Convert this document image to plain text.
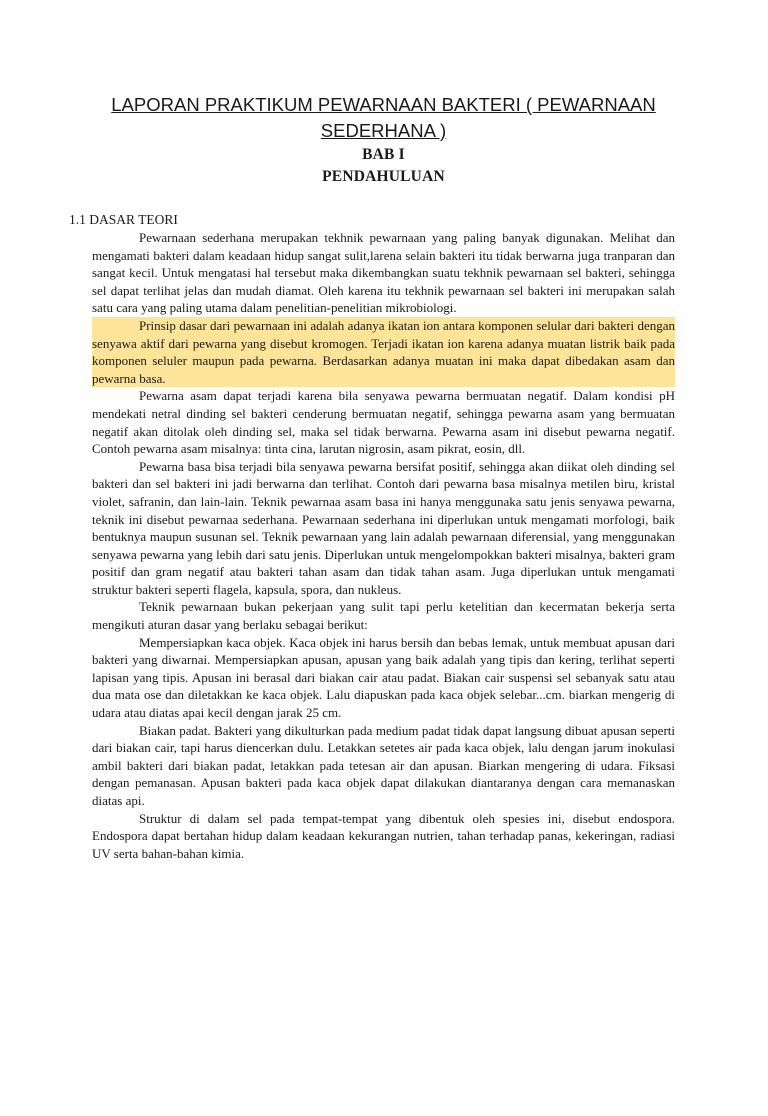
LAPORAN PRAKTIKUM PEWARNAAN BAKTERI ( PEWARNAAN SEDERHANA )
BAB I
PENDAHULUAN
1.1 DASAR TEORI

Pewarnaan sederhana merupakan tekhnik pewarnaan yang paling banyak digunakan. Melihat dan mengamati bakteri dalam keadaan hidup sangat sulit,larena selain bakteri itu tidak berwarna juga tranparan dan sangat kecil. Untuk mengatasi hal tersebut maka dikembangkan suatu tekhnik pewarnaan sel bakteri, sehingga sel dapat terlihat jelas dan mudah diamat. Oleh karena itu tekhnik pewarnaan sel bakteri ini merupakan salah satu cara yang paling utama dalam penelitian-penelitian mikrobiologi.

Prinsip dasar dari pewarnaan ini adalah adanya ikatan ion antara komponen selular dari bakteri dengan senyawa aktif dari pewarna yang disebut kromogen. Terjadi ikatan ion karena adanya muatan listrik baik pada komponen seluler maupun pada pewarna. Berdasarkan adanya muatan ini maka dapat dibedakan asam dan pewarna basa.

Pewarna asam dapat terjadi karena bila senyawa pewarna bermuatan negatif. Dalam kondisi pH mendekati netral dinding sel bakteri cenderung bermuatan negatif, sehingga pewarna asam yang bermuatan negatif akan ditolak oleh dinding sel, maka sel tidak berwarna. Pewarna asam ini disebut pewarna negatif. Contoh pewarna asam misalnya: tinta cina, larutan nigrosin, asam pikrat, eosin, dll.

Pewarna basa bisa terjadi bila senyawa pewarna bersifat positif, sehingga akan diikat oleh dinding sel bakteri dan sel bakteri ini jadi berwarna dan terlihat. Contoh dari pewarna basa misalnya metilen biru, kristal violet, safranin, dan lain-lain. Teknik pewarnaa asam basa ini hanya menggunaka satu jenis senyawa pewarna, teknik ini disebut pewarnaa sederhana. Pewarnaan sederhana ini diperlukan untuk mengamati morfologi, baik bentuknya maupun susunan sel. Teknik pewarnaan yang lain adalah pewarnaan diferensial, yang menggunakan senyawa pewarna yang lebih dari satu jenis. Diperlukan untuk mengelompokkan bakteri misalnya, bakteri gram positif dan gram negatif atau bakteri tahan asam dan tidak tahan asam. Juga diperlukan untuk mengamati struktur bakteri seperti flagela, kapsula, spora, dan nukleus.

Teknik pewarnaan bukan pekerjaan yang sulit tapi perlu ketelitian dan kecermatan bekerja serta mengikuti aturan dasar yang berlaku sebagai berikut:

Mempersiapkan kaca objek. Kaca objek ini harus bersih dan bebas lemak, untuk membuat apusan dari bakteri yang diwarnai. Mempersiapkan apusan, apusan yang baik adalah yang tipis dan kering, terlihat seperti lapisan yang tipis. Apusan ini berasal dari biakan cair atau padat. Biakan cair suspensi sel sebanyak satu atau dua mata ose dan diletakkan ke kaca objek. Lalu diapuskan pada kaca objek selebar...cm. biarkan mengerig di udara atau diatas apai kecil dengan jarak 25 cm.

Biakan padat. Bakteri yang dikulturkan pada medium padat tidak dapat langsung dibuat apusan seperti dari biakan cair, tapi harus diencerkan dulu. Letakkan setetes air pada kaca objek, lalu dengan jarum inokulasi ambil bakteri dari biakan padat, letakkan pada tetesan air dan apusan. Biarkan mengering di udara. Fiksasi dengan pemanasan. Apusan bakteri pada kaca objek dapat dilakukan diantaranya dengan cara memanaskan diatas api.

Struktur di dalam sel pada tempat-tempat yang dibentuk oleh spesies ini, disebut endospora. Endospora dapat bertahan hidup dalam keadaan kekurangan nutrien, tahan terhadap panas, kekeringan, radiasi UV serta bahan-bahan kimia.
